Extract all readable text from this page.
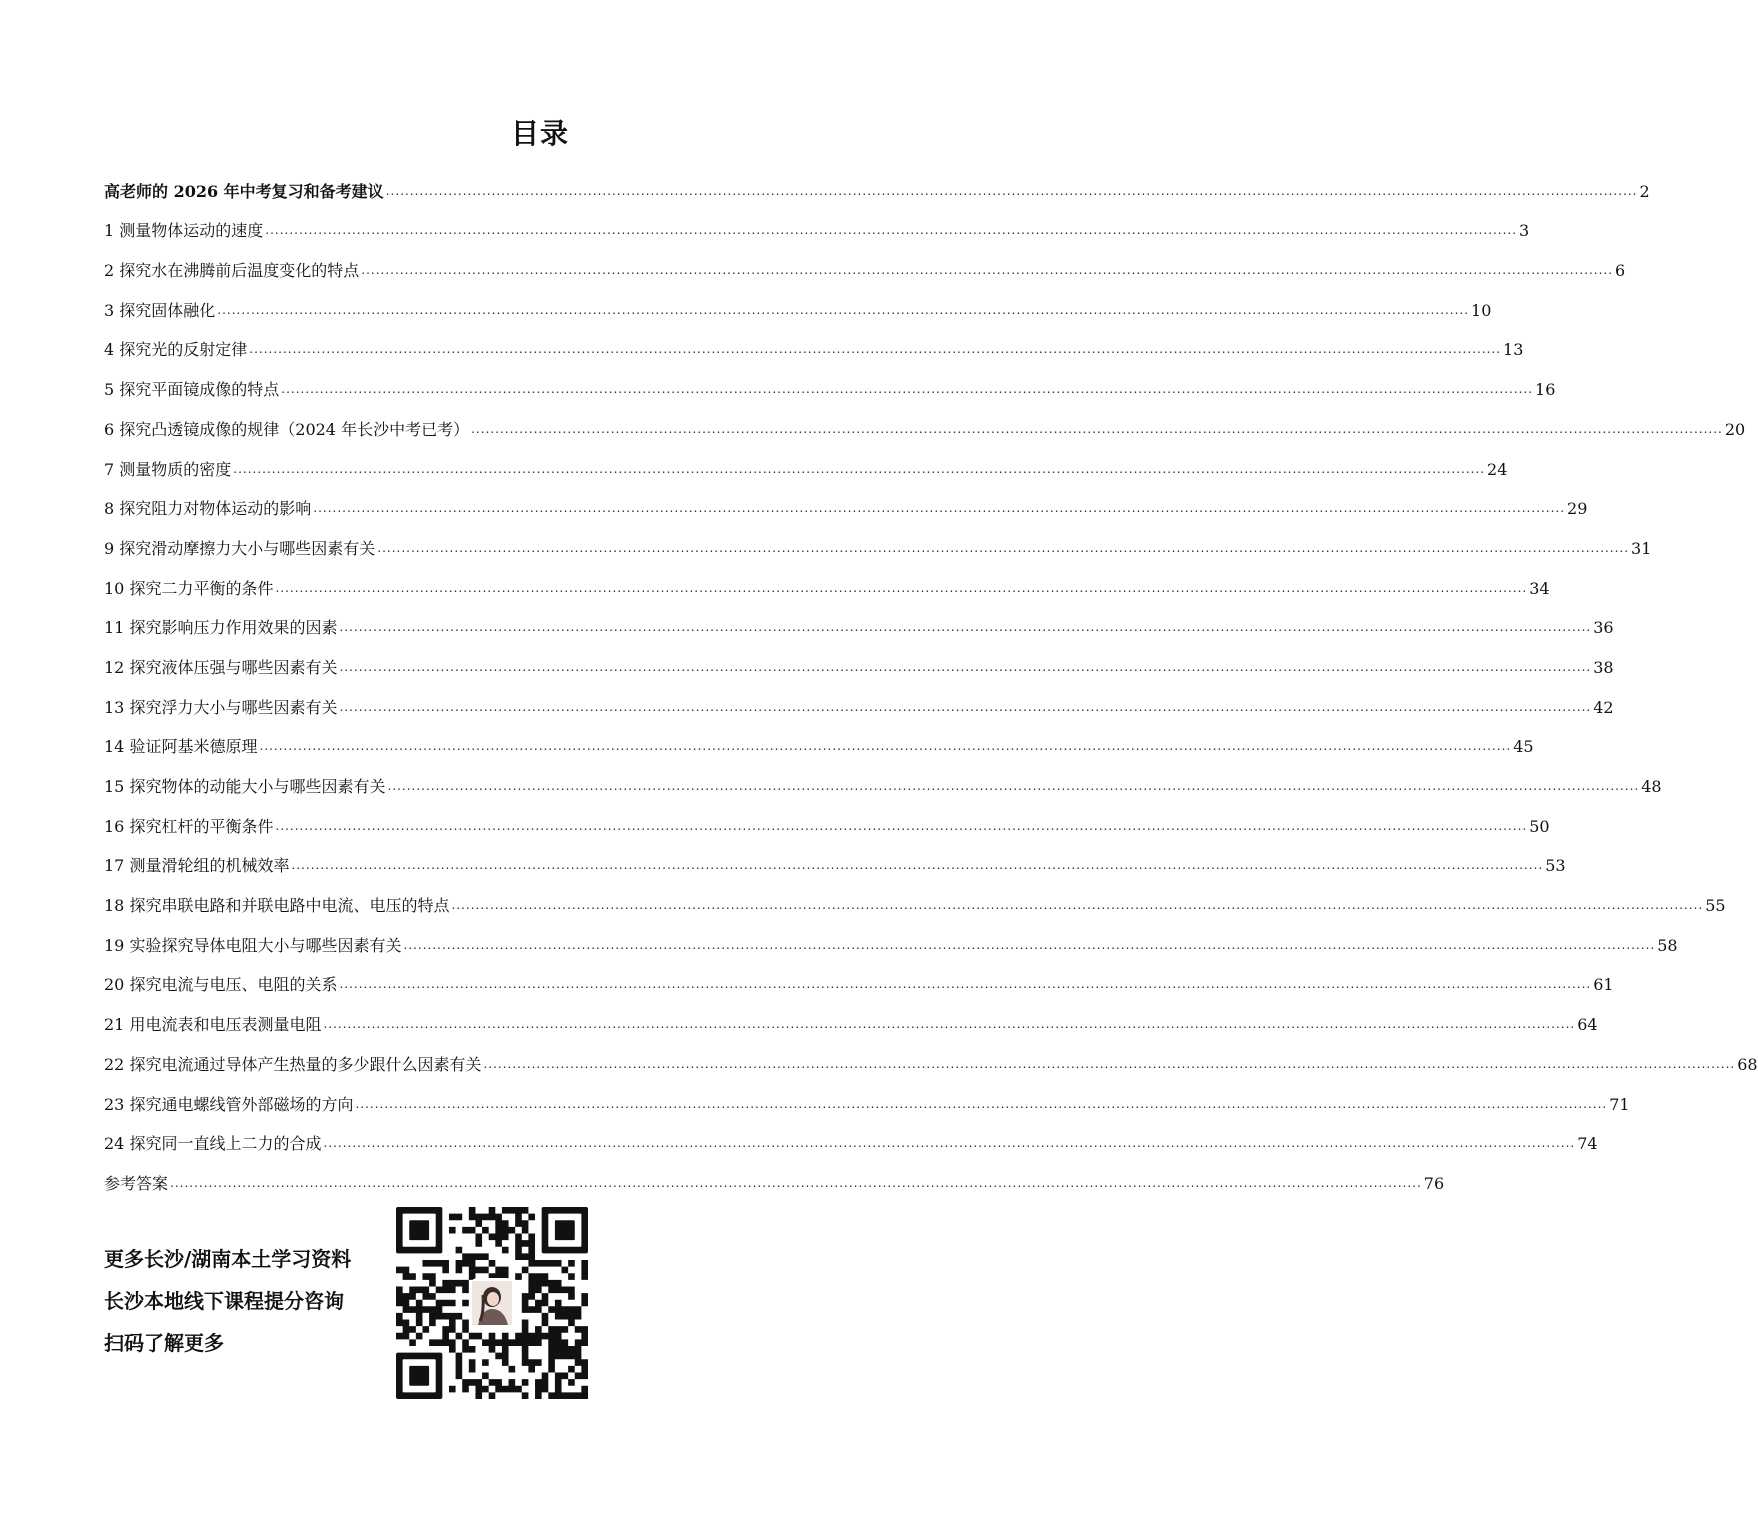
目录
高老师的 2026 年中考复习和备考建议 .................................................................................................................................................................................................................................................................... 2
1 测量物体运动的速度 .................................................................................................................................................................................................................................................................... 3
2 探究水在沸腾前后温度变化的特点 .................................................................................................................................................................................................................................................................... 6
3 探究固体融化 .................................................................................................................................................................................................................................................................... 10
4 探究光的反射定律 .................................................................................................................................................................................................................................................................... 13
5 探究平面镜成像的特点 .................................................................................................................................................................................................................................................................... 16
6 探究凸透镜成像的规律（2024 年长沙中考已考） .................................................................................................................................................................................................................................................................... 20
7 测量物质的密度 .................................................................................................................................................................................................................................................................... 24
8 探究阻力对物体运动的影响 .................................................................................................................................................................................................................................................................... 29
9 探究滑动摩擦力大小与哪些因素有关 .................................................................................................................................................................................................................................................................... 31
10 探究二力平衡的条件 .................................................................................................................................................................................................................................................................... 34
11 探究影响压力作用效果的因素 .................................................................................................................................................................................................................................................................... 36
12 探究液体压强与哪些因素有关 .................................................................................................................................................................................................................................................................... 38
13 探究浮力大小与哪些因素有关 .................................................................................................................................................................................................................................................................... 42
14 验证阿基米德原理 .................................................................................................................................................................................................................................................................... 45
15 探究物体的动能大小与哪些因素有关 .................................................................................................................................................................................................................................................................... 48
16 探究杠杆的平衡条件 .................................................................................................................................................................................................................................................................... 50
17 测量滑轮组的机械效率 .................................................................................................................................................................................................................................................................... 53
18 探究串联电路和并联电路中电流、电压的特点 .................................................................................................................................................................................................................................................................... 55
19 实验探究导体电阻大小与哪些因素有关 .................................................................................................................................................................................................................................................................... 58
20 探究电流与电压、电阻的关系 .................................................................................................................................................................................................................................................................... 61
21 用电流表和电压表测量电阻 .................................................................................................................................................................................................................................................................... 64
22 探究电流通过导体产生热量的多少跟什么因素有关 .................................................................................................................................................................................................................................................................... 68
23 探究通电螺线管外部磁场的方向 .................................................................................................................................................................................................................................................................... 71
24 探究同一直线上二力的合成 .................................................................................................................................................................................................................................................................... 74
参考答案 .................................................................................................................................................................................................................................................................... 76
更多长沙/湖南本土学习资料
长沙本地线下课程提分咨询
扫码了解更多
